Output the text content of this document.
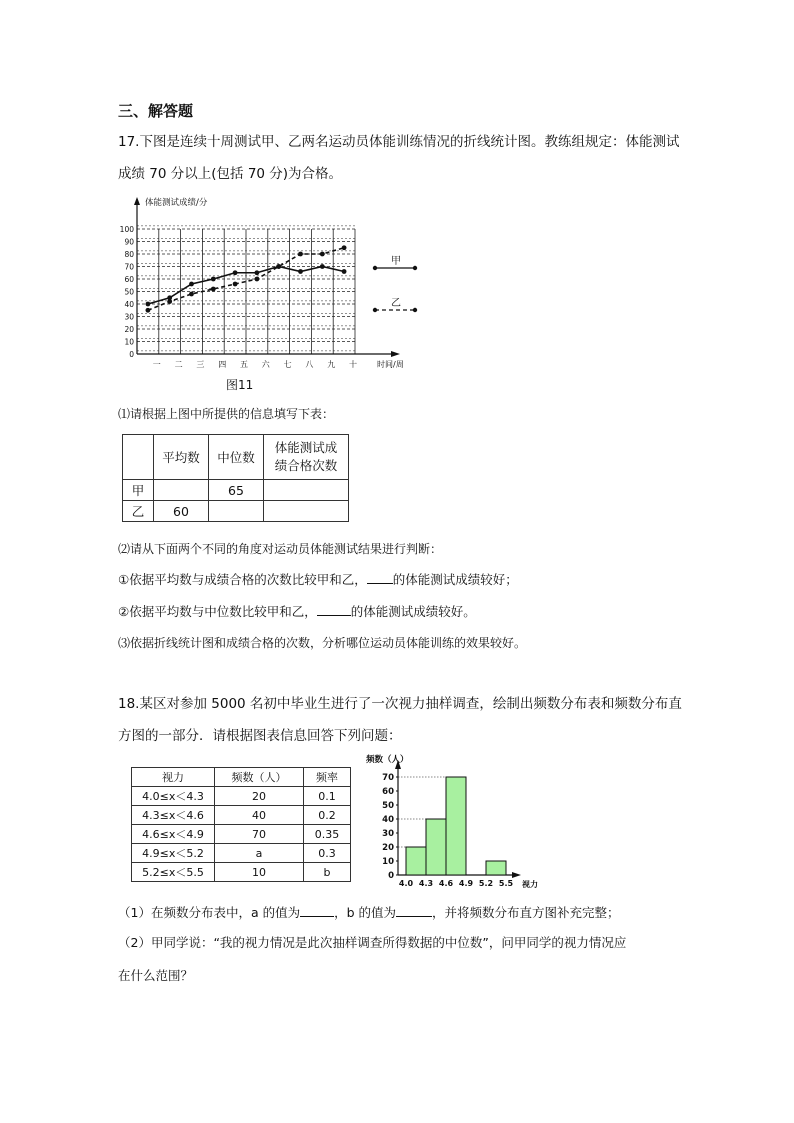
三、解答题
17.下图是连续十周测试甲、乙两名运动员体能训练情况的折线统计图。教练组规定：体能测试
成绩 70 分以上(包括 70 分)为合格。
0
10
20
30
40
50
60
70
80
90
100
体能测试成绩/分
时间/周
一 二 三 四 五 六 七 八 九 十
甲
乙
图11
⑴请根据上图中所提供的信息填写下表：
	平均数	中位数	体能测试成
绩合格次数
甲		65	
乙	60		
⑵请从下面两个不同的角度对运动员体能测试结果进行判断：
①依据平均数与成绩合格的次数比较甲和乙， 的体能测试成绩较好；
②依据平均数与中位数比较甲和乙，	的体能测试成绩较好。
⑶依据折线统计图和成绩合格的次数，分析哪位运动员体能训练的效果较好。
18.某区对参加 5000 名初中毕业生进行了一次视力抽样调查，绘制出频数分布表和频数分布直
方图的一部分．请根据图表信息回答下列问题：
视力	频数（人）	频率
4.0≤x＜4.3	20	0.1
4.3≤x＜4.6	40	0.2
4.6≤x＜4.9	70	0.35
4.9≤x＜5.2	a	0.3
5.2≤x＜5.5	10	b
频数（人）
0
10
20
30
40
50
60
70
4.0 4.3 4.6 4.9 5.2 5.5 视力
（1）在频数分布表中，a 的值为	，b 的值为	，并将频数分布直方图补充完整；
（2）甲同学说：“我的视力情况是此次抽样调查所得数据的中位数”，问甲同学的视力情况应
在什么范围？
